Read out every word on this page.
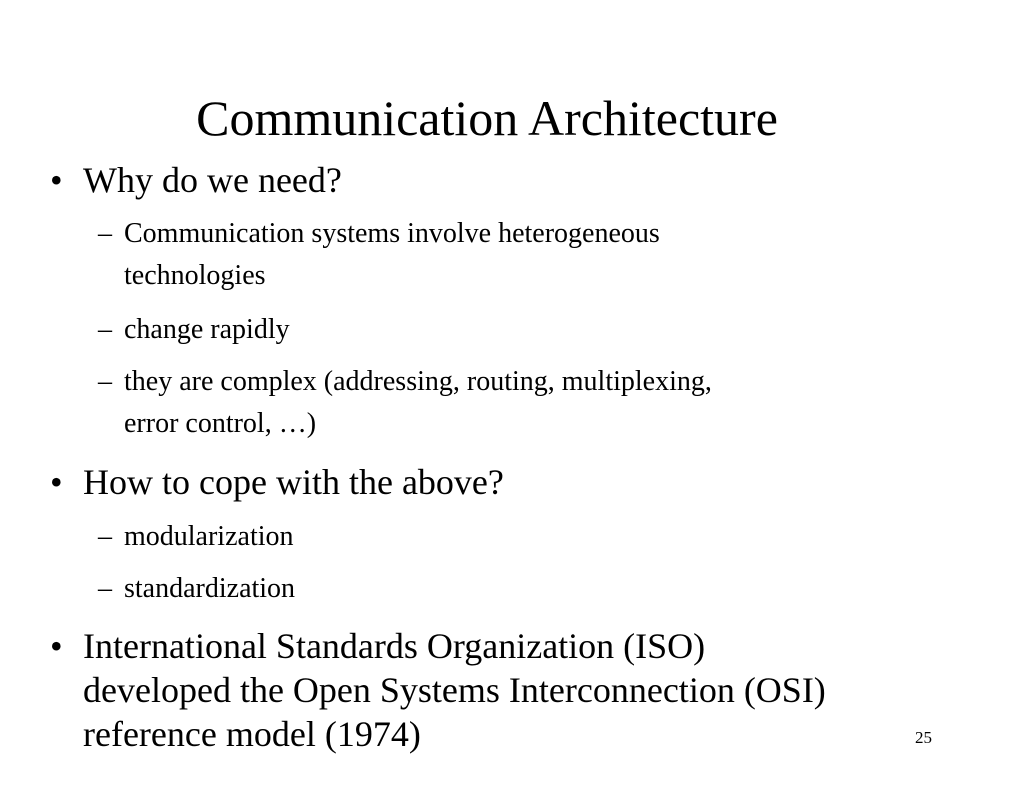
Communication Architecture
• Why do we need?
– Communication systems involve heterogeneous
technologies
– change rapidly
– they are complex (addressing, routing, multiplexing,
error control, …)
• How to cope with the above?
– modularization
– standardization
• International Standards Organization (ISO)
developed the Open Systems Interconnection (OSI)
reference model (1974)	25
